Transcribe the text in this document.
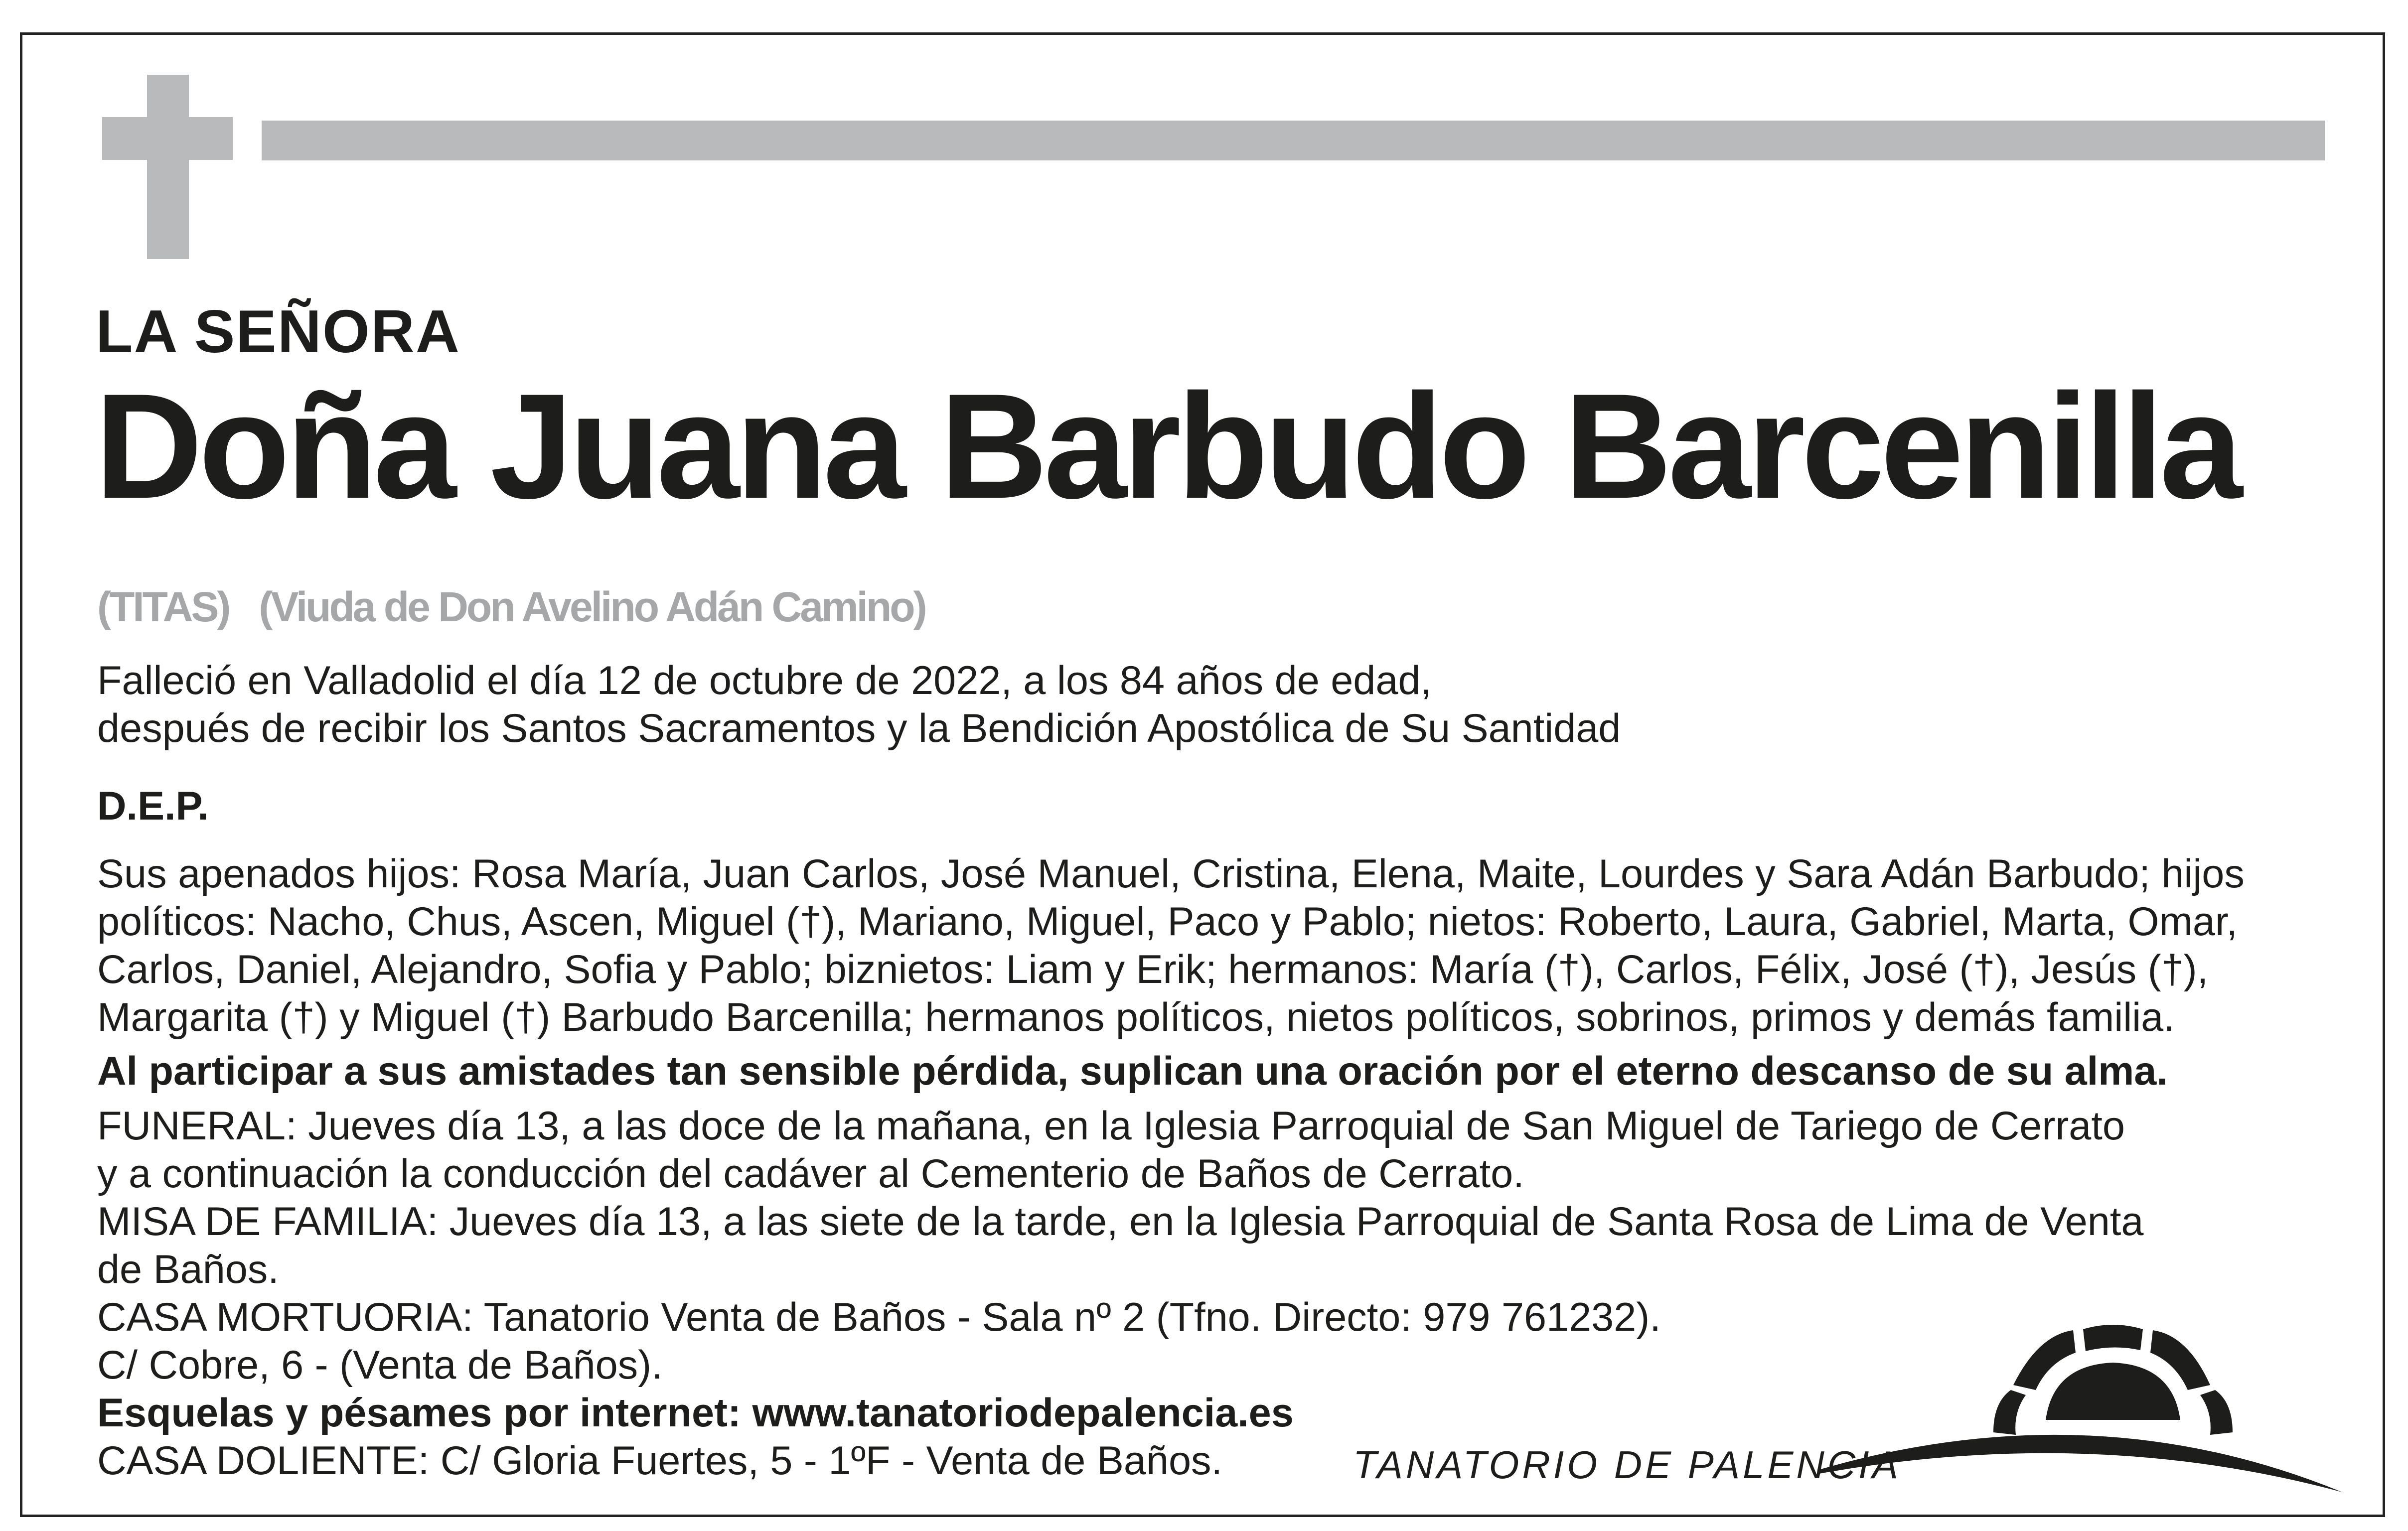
LA SEÑORA
Doña Juana Barbudo Barcenilla
(TITAS) (Viuda de Don Avelino Adán Camino)
Falleció en Valladolid el día 12 de octubre de 2022, a los 84 años de edad,
después de recibir los Santos Sacramentos y la Bendición Apostólica de Su Santidad
D.E.P.
Sus apenados hijos: Rosa María, Juan Carlos, José Manuel, Cristina, Elena, Maite, Lourdes y Sara Adán Barbudo; hijos
políticos: Nacho, Chus, Ascen, Miguel (†), Mariano, Miguel, Paco y Pablo; nietos: Roberto, Laura, Gabriel, Marta, Omar,
Carlos, Daniel, Alejandro, Sofia y Pablo; biznietos: Liam y Erik; hermanos: María (†), Carlos, Félix, José (†), Jesús (†),
Margarita (†) y Miguel (†) Barbudo Barcenilla; hermanos políticos, nietos políticos, sobrinos, primos y demás familia.
Al participar a sus amistades tan sensible pérdida, suplican una oración por el eterno descanso de su alma.
FUNERAL: Jueves día 13, a las doce de la mañana, en la Iglesia Parroquial de San Miguel de Tariego de Cerrato
y a continuación la conducción del cadáver al Cementerio de Baños de Cerrato.
MISA DE FAMILIA: Jueves día 13, a las siete de la tarde, en la Iglesia Parroquial de Santa Rosa de Lima de Venta
de Baños.
CASA MORTUORIA: Tanatorio Venta de Baños - Sala nº 2 (Tfno. Directo: 979 761232).
C/ Cobre, 6 - (Venta de Baños).
Esquelas y pésames por internet: www.tanatoriodepalencia.es
CASA DOLIENTE: C/ Gloria Fuertes, 5 - 1ºF - Venta de Baños.	TANATORIO DE PALENCIA
